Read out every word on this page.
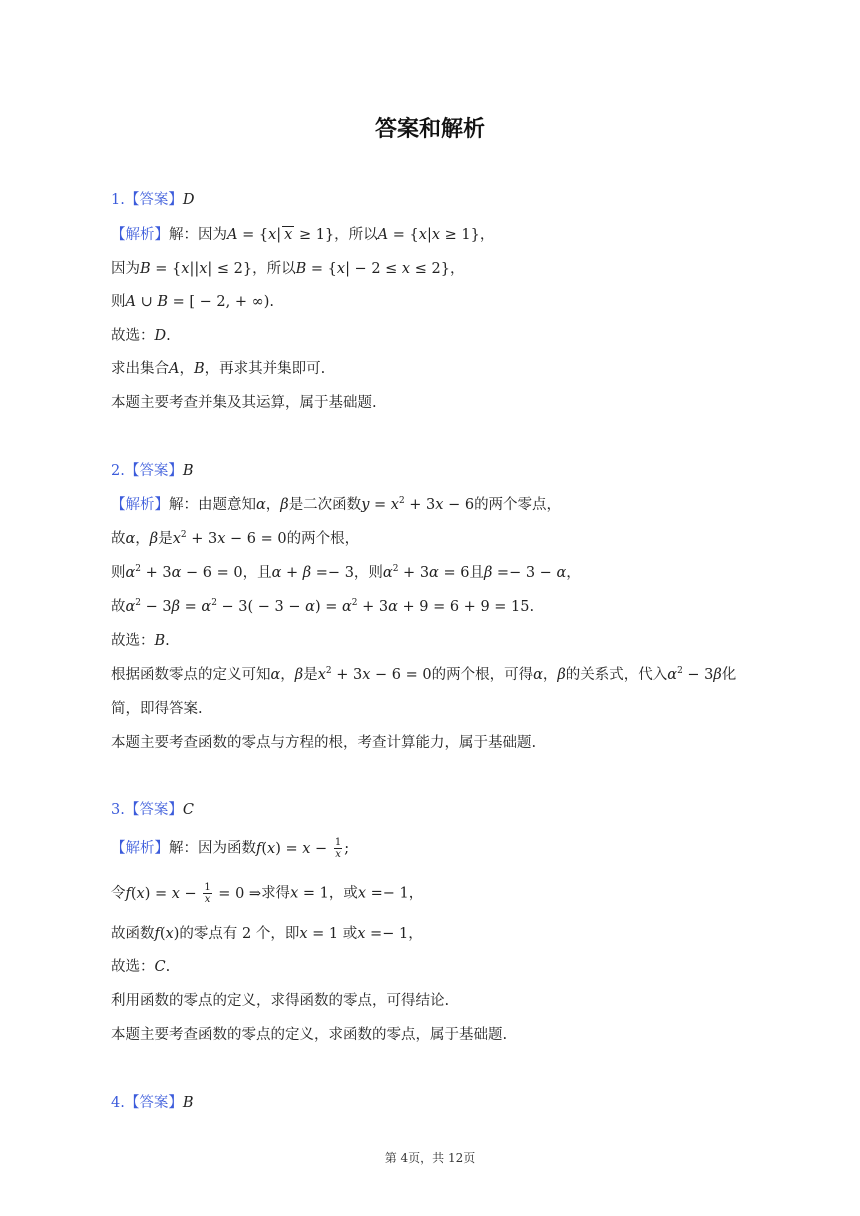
答案和解析
1.【答案】D
【解析】解：因为A = {x| x ≥ 1}，所以A = {x|x ≥ 1}，
因为B = {x||x| ≤ 2}，所以B = {x| − 2 ≤ x ≤ 2}，
则A ∪ B = [ − 2, + ∞).
故选：D.
求出集合A，B，再求其并集即可.
本题主要考查并集及其运算，属于基础题.
2.【答案】B
【解析】解：由题意知α，β是二次函数$y = x^2 + 3x - 6$的两个零点，
故α，β是$x^2 + 3x - 6 = 0$的两个根，
则$\alpha^2 + 3\alpha - 6 = 0$，且α + β =− 3，则$\alpha^2 + 3\alpha = 6$且β =− 3 − α，
故$\alpha^2 - 3\beta = \alpha^2 - 3( - 3 - \alpha) = \alpha^2 + 3\alpha + 9 = 6 + 9 = 15$.
故选：B.
根据函数零点的定义可知α，β是$x^2 + 3x - 6 = 0$的两个根，可得α，β的关系式，代入$\alpha^2 - 3\beta$化
简，即得答案.
本题主要考查函数的零点与方程的根，考查计算能力，属于基础题.
3.【答案】C
【解析】解：因为函数$f(x) = x - \frac{1}{x}$ ;
令$f(x) = x - \frac{1}{x} = 0$ ⇒求得x = 1，或x =− 1，
故函数f(x)的零点有 2 个，即x = 1 或x =− 1，
故选：C.
利用函数的零点的定义，求得函数的零点，可得结论.
本题主要考查函数的零点的定义，求函数的零点，属于基础题.
4.【答案】B
第 4页，共 12页
